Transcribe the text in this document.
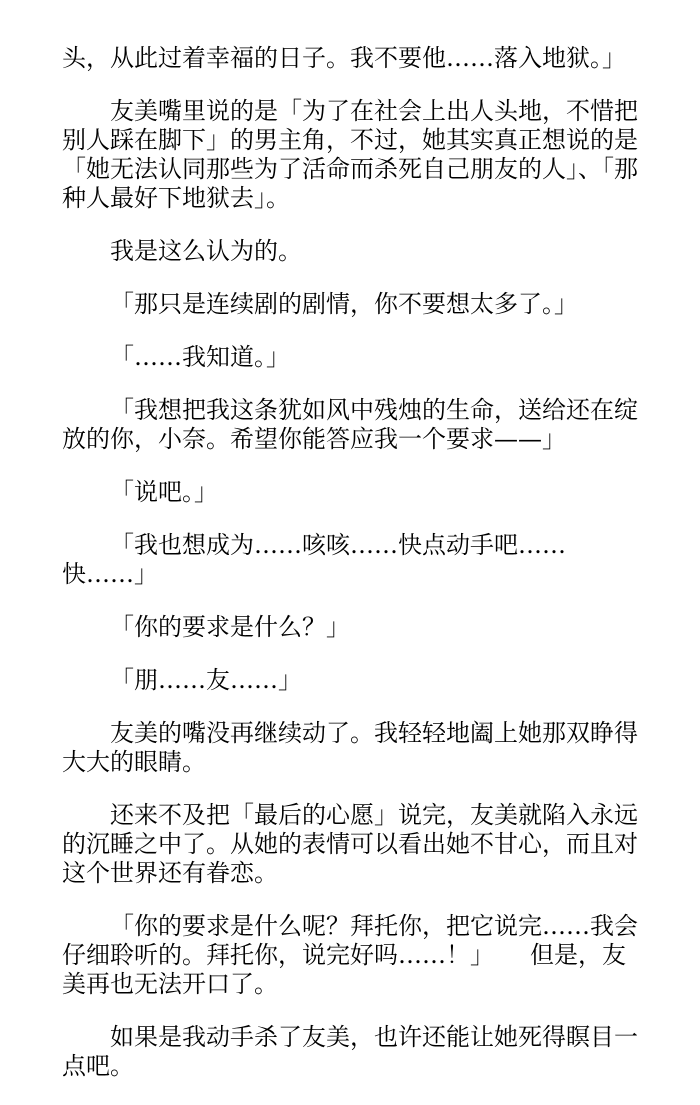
头，从此过着幸福的日子。我不要他……落入地狱。」

友美嘴里说的是「为了在社会上出人头地，不惜把别人踩在脚下」的男主角，不过，她其实真正想说的是「她无法认同那些为了活命而杀死自己朋友的人」、「那种人最好下地狱去」。

我是这么认为的。

「那只是连续剧的剧情，你不要想太多了。」

「……我知道。」

「我想把我这条犹如风中残烛的生命，送给还在绽放的你，小奈。希望你能答应我一个要求——」

「说吧。」

「我也想成为……咳咳……快点动手吧……快……」

「你的要求是什么？」

「朋……友……」

友美的嘴没再继续动了。我轻轻地阖上她那双睁得大大的眼睛。

还来不及把「最后的心愿」说完，友美就陷入永远的沉睡之中了。从她的表情可以看出她不甘心，而且对这个世界还有眷恋。

「你的要求是什么呢？拜托你，把它说完……我会仔细聆听的。拜托你，说完好吗……！」　　但是，友美再也无法开口了。

如果是我动手杀了友美，也许还能让她死得瞑目一点吧。
